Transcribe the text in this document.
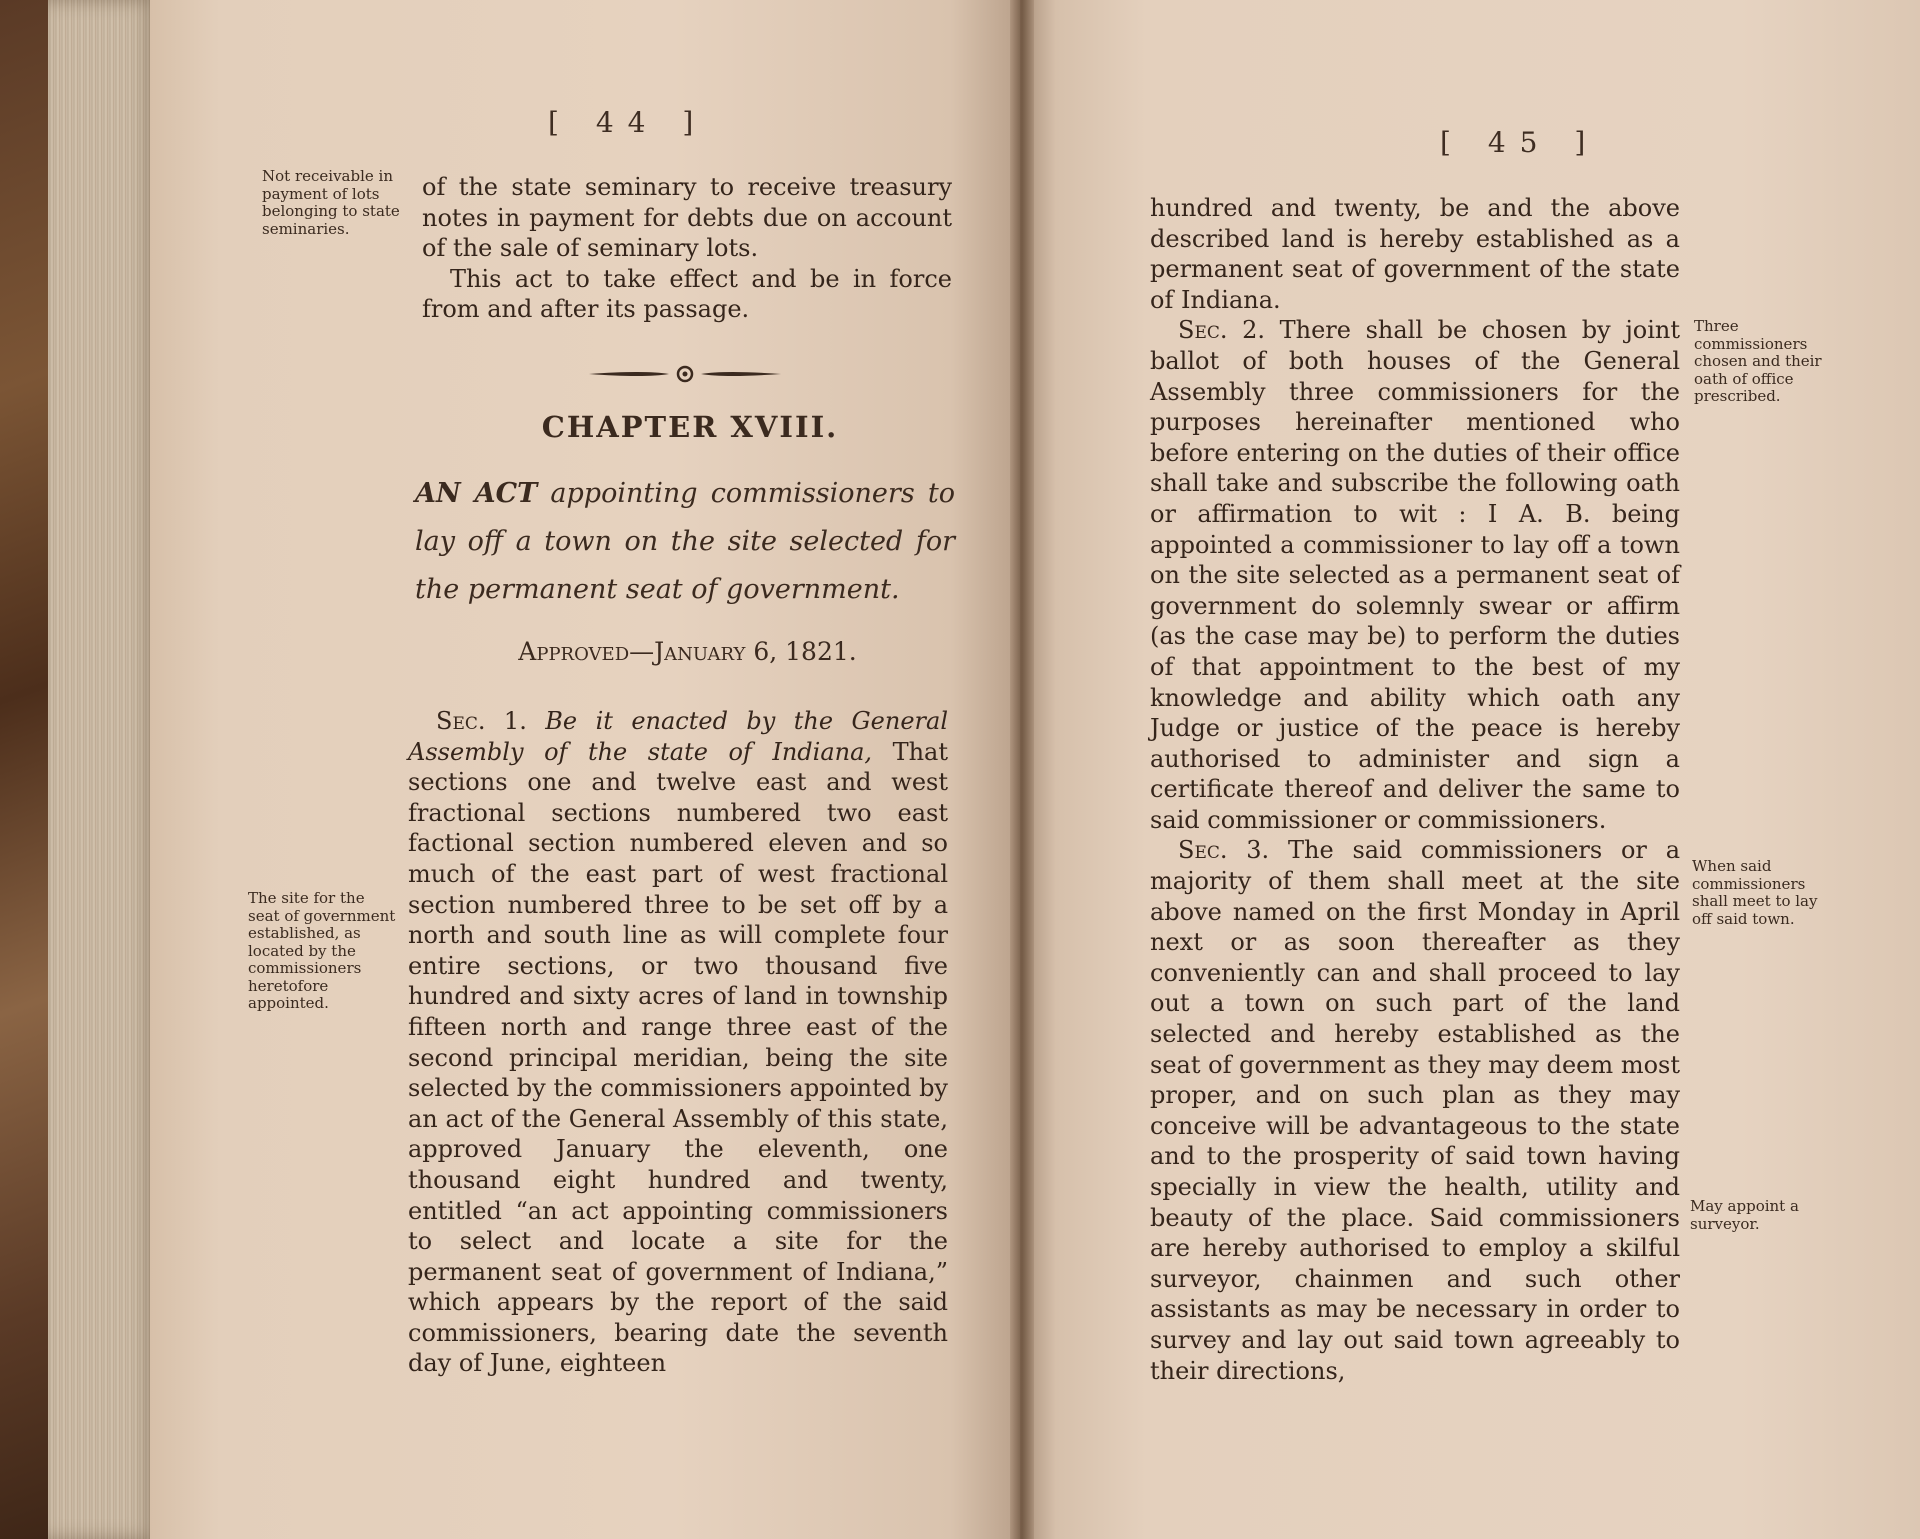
[ 44 ]
Not receivable in payment of lots belonging to state seminaries.
The site for the seat of government established, as located by the commissioners heretofore appointed.

of the state seminary to receive treasury notes in payment for debts due on account of the sale of seminary lots.

This act to take effect and be in force from and after its passage.

CHAPTER XVIII.
AN ACT appointing commissioners to lay off a town on the site selected for the permanent seat of government.
Approved—January 6, 1821.

Sec. 1. Be it enacted by the General Assembly of the state of Indiana, That sections one and twelve east and west fractional sections numbered two east factional section numbered eleven and so much of the east part of west fractional section numbered three to be set off by a north and south line as will complete four entire sections, or two thousand five hundred and sixty acres of land in township fifteen north and range three east of the second principal meridian, being the site selected by the commissioners appointed by an act of the General Assembly of this state, approved January the eleventh, one thousand eight hundred and twenty, entitled “an act appointing commissioners to select and locate a site for the permanent seat of government of Indiana,” which appears by the report of the said commissioners, bearing date the seventh day of June, eighteen

[ 45 ]
Three commissioners chosen and their oath of office prescribed.
When said commissioners shall meet to lay off said town.
May appoint a surveyor.

hundred and twenty, be and the above described land is hereby established as a permanent seat of government of the state of Indiana.

Sec. 2. There shall be chosen by joint ballot of both houses of the General Assembly three commissioners for the purposes hereinafter mentioned who before entering on the duties of their office shall take and subscribe the following oath or affirmation to wit : I A. B. being appointed a commissioner to lay off a town on the site selected as a permanent seat of government do solemnly swear or affirm (as the case may be) to perform the duties of that appointment to the best of my knowledge and ability which oath any Judge or justice of the peace is hereby authorised to administer and sign a certificate thereof and deliver the same to said commissioner or commissioners.

Sec. 3. The said commissioners or a majority of them shall meet at the site above named on the first Monday in April next or as soon thereafter as they conveniently can and shall proceed to lay out a town on such part of the land selected and hereby established as the seat of government as they may deem most proper, and on such plan as they may conceive will be advantageous to the state and to the prosperity of said town having specially in view the health, utility and beauty of the place. Said commissioners are hereby authorised to employ a skilful surveyor, chainmen and such other assistants as may be necessary in order to survey and lay out said town agreeably to their directions,
